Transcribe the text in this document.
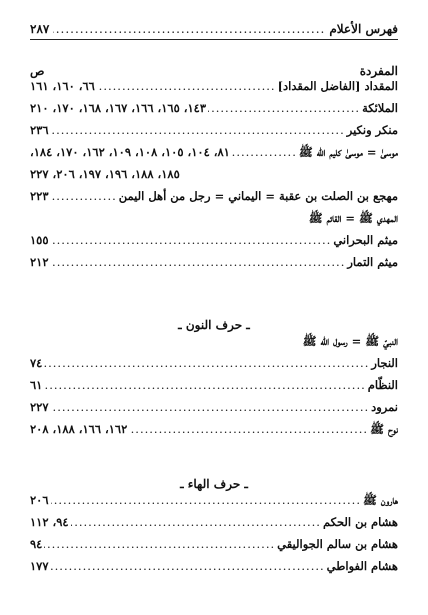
فهرس الأعلام
.....
٢٨٧
المفردة
ص
المقداد [الفاضل المقداد]
.....
٦٦، ١٦٠، ١٦١
الملائكة
.....
١٤٣، ١٦٥، ١٦٦، ١٦٧، ١٦٨، ١٧٠، ٢١٠
منكر ونكير
.....
٢٣٦
موسىٰ = موسىٰ كليم الله ﷺ
.....
٨١، ١٠٤، ١٠٥، ١٠٨، ١٠٩، ١٦٢، ١٧٠، ١٨٤،
١٨٥، ١٨٨، ١٩٦، ١٩٧، ٢٠٦، ٢٢٧
مهجع بن الصلت بن عقبة = اليماني = رجل من أهل اليمن
.....
٢٢٣
المهدي ﷺ = القائم ﷺ
ميثم البحراني
.....
١٥٥
ميثم التمار
.....
٢١٢
ـ حرف النون ـ
النبيّ ﷺ = رسول الله ﷺ
النجار
.....
٧٤
النظّام
.....
٦١
نمرود
.....
٢٢٧
نوح ﷺ
.....
١٦٢، ١٦٦، ١٨٨، ٢٠٨
ـ حرف الهاء ـ
هارون ﷺ
.....
٢٠٦
هشام بن الحكم
.....
٩٤، ١١٢
هشام بن سالم الجواليقي
.....
٩٤
هشام الفواطي
.....
١٧٧
